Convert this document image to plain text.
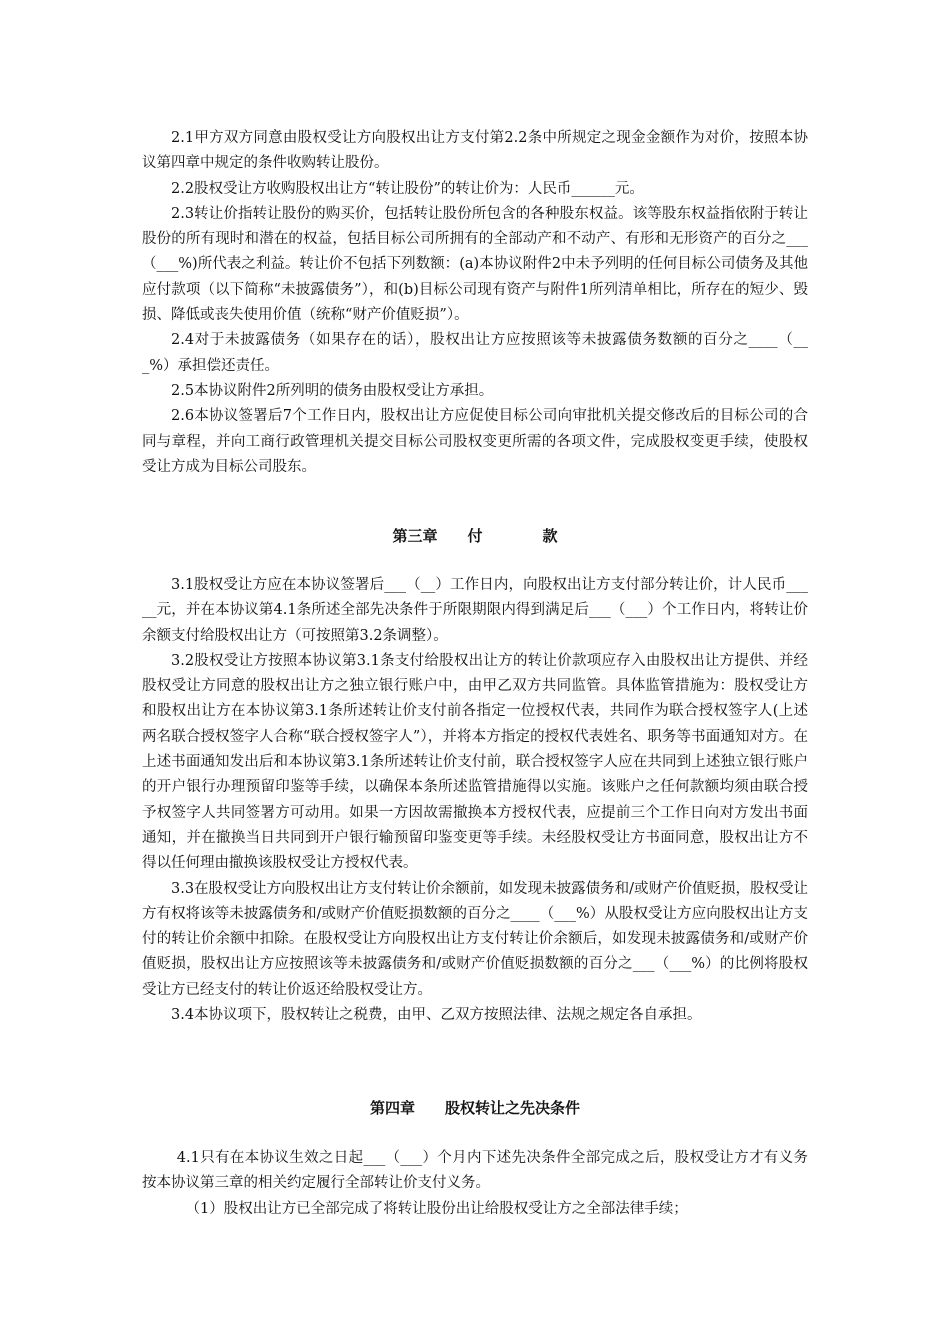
2.1甲方双方同意由股权受让方向股权出让方支付第2.2条中所规定之现金金额作为对价，按照本协议第四章中规定的条件收购转让股份。

2.2股权受让方收购股权出让方“转让股份”的转让价为：人民币______元。

2.3转让价指转让股份的购买价，包括转让股份所包含的各种股东权益。该等股东权益指依附于转让股份的所有现时和潜在的权益，包括目标公司所拥有的全部动产和不动产、有形和无形资产的百分之___（___%)所代表之利益。转让价不包括下列数额：(a)本协议附件2中未予列明的任何目标公司债务及其他应付款项（以下简称“未披露债务”），和(b)目标公司现有资产与附件1所列清单相比，所存在的短少、毁损、降低或丧失使用价值（统称“财产价值贬损”）。

2.4对于未披露债务（如果存在的话），股权出让方应按照该等未披露债务数额的百分之____（___%）承担偿还责任。

2.5本协议附件2所列明的债务由股权受让方承担。

2.6本协议签署后7个工作日内，股权出让方应促使目标公司向审批机关提交修改后的目标公司的合同与章程，并向工商行政管理机关提交目标公司股权变更所需的各项文件，完成股权变更手续，使股权受让方成为目标公司股东。

第三章　　付　　　　款

3.1股权受让方应在本协议签署后___（__）工作日内，向股权出让方支付部分转让价，计人民币_____元，并在本协议第4.1条所述全部先决条件于所限期限内得到满足后___（___）个工作日内，将转让价余额支付给股权出让方（可按照第3.2条调整）。

3.2股权受让方按照本协议第3.1条支付给股权出让方的转让价款项应存入由股权出让方提供、并经股权受让方同意的股权出让方之独立银行账户中，由甲乙双方共同监管。具体监管措施为：股权受让方和股权出让方在本协议第3.1条所述转让价支付前各指定一位授权代表，共同作为联合授权签字人(上述两名联合授权签字人合称“联合授权签字人”），并将本方指定的授权代表姓名、职务等书面通知对方。在上述书面通知发出后和本协议第3.1条所述转让价支付前，联合授权签字人应在共同到上述独立银行账户的开户银行办理预留印鉴等手续，以确保本条所述监管措施得以实施。该账户之任何款额均须由联合授予权签字人共同签署方可动用。如果一方因故需撤换本方授权代表，应提前三个工作日向对方发出书面通知，并在撤换当日共同到开户银行输预留印鉴变更等手续。未经股权受让方书面同意，股权出让方不得以任何理由撤换该股权受让方授权代表。

3.3在股权受让方向股权出让方支付转让价余额前，如发现未披露债务和/或财产价值贬损，股权受让方有权将该等未披露债务和/或财产价值贬损数额的百分之____（___%）从股权受让方应向股权出让方支付的转让价余额中扣除。在股权受让方向股权出让方支付转让价余额后，如发现未披露债务和/或财产价值贬损，股权出让方应按照该等未披露债务和/或财产价值贬损数额的百分之___（___%）的比例将股权受让方已经支付的转让价返还给股权受让方。

3.4本协议项下，股权转让之税费，由甲、乙双方按照法律、法规之规定各自承担。

第四章　　股权转让之先决条件

4.1只有在本协议生效之日起___（___）个月内下述先决条件全部完成之后，股权受让方才有义务按本协议第三章的相关约定履行全部转让价支付义务。

（1）股权出让方已全部完成了将转让股份出让给股权受让方之全部法律手续；
